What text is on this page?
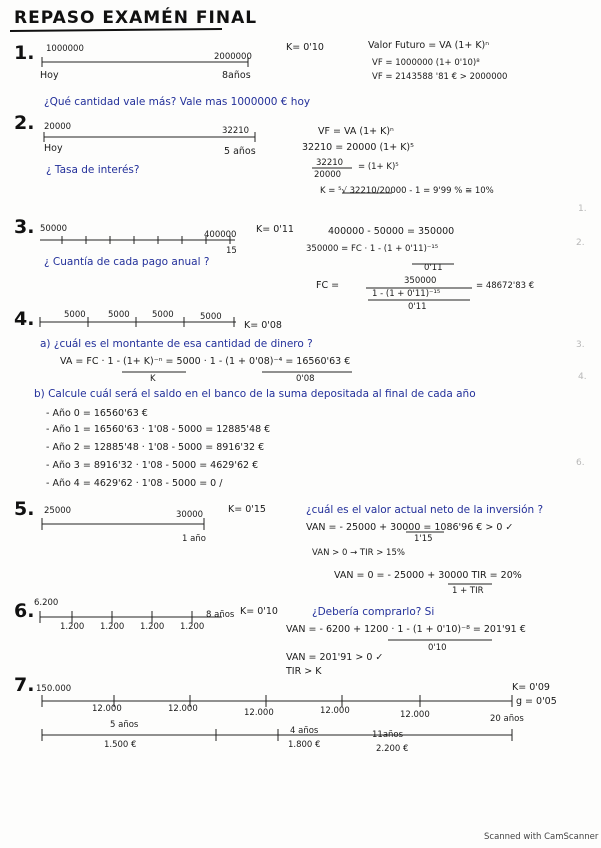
REPASO EXAMÉN FINAL
1. 1000000
2000000
K= 0'10
Hoy	8años
Valor Futuro = VA (1+ K)ⁿ
VF = 1000000 (1+ 0'10)⁸
VF = 2143588 '81 € > 2000000
¿Qué cantidad vale más? Vale mas 1000000 € hoy
2. 20000	32210
Hoy	5 años
¿ Tasa de interés?
VF = VA (1+ K)ⁿ
32210 = 20000 (1+ K)⁵
32210 = (1+ K)⁵
20000
K = ⁵√ 32210/20000 - 1 = 9'99 % ≅ 10%
3. 50000
400000
15
K= 0'11
¿ Cuantía de cada pago anual ?
400000 - 50000 = 350000
350000 = FC · 1 - (1 + 0'11)⁻¹⁵
0'11
FC =	350000
1 - (1 + 0'11)⁻¹⁵
0'11
= 48672'83 €
4.	5000	5000	5000	5000
K= 0'08
a) ¿cuál es el montante de esa cantidad de dinero ?
VA = FC · 1 - (1+ K)⁻ⁿ = 5000 · 1 - (1 + 0'08)⁻⁴ = 16560'63 €
K	0'08
b) Calcule cuál será el saldo en el banco de la suma depositada al final de cada año
- Año 0 = 16560'63 €
- Año 1 = 16560'63 · 1'08 - 5000 = 12885'48 €
- Año 2 = 12885'48 · 1'08 - 5000 = 8916'32 €
- Año 3 = 8916'32 · 1'08 - 5000 = 4629'62 €
- Año 4 = 4629'62 · 1'08 - 5000 = 0 /
5. 25000	30000	K= 0'15
1 año
¿cuál es el valor actual neto de la inversión ?
VAN = - 25000 + 30000 = 1086'96 € > 0 ✓
1'15
VAN > 0 → TIR > 15%
VAN = 0 = - 25000 + 30000 TIR = 20%
1 + TIR
6. 6.200
1.200 1.200 1.200 1.200
8 años K= 0'10	¿Debería comprarlo? Si
VAN = - 6200 + 1200 · 1 - (1 + 0'10)⁻⁸ = 201'91 €
0'10
VAN = 201'91 > 0 ✓
TIR > K
7. 150.000
12.000	12.000	12.000	12.000	12.000	20 años
K= 0'09
g = 0'05
5 años
1.500 €
4 años
1.800 €
11años
2.200 €
1.
2.
3.
4.
6.
Scanned with CamScanner
